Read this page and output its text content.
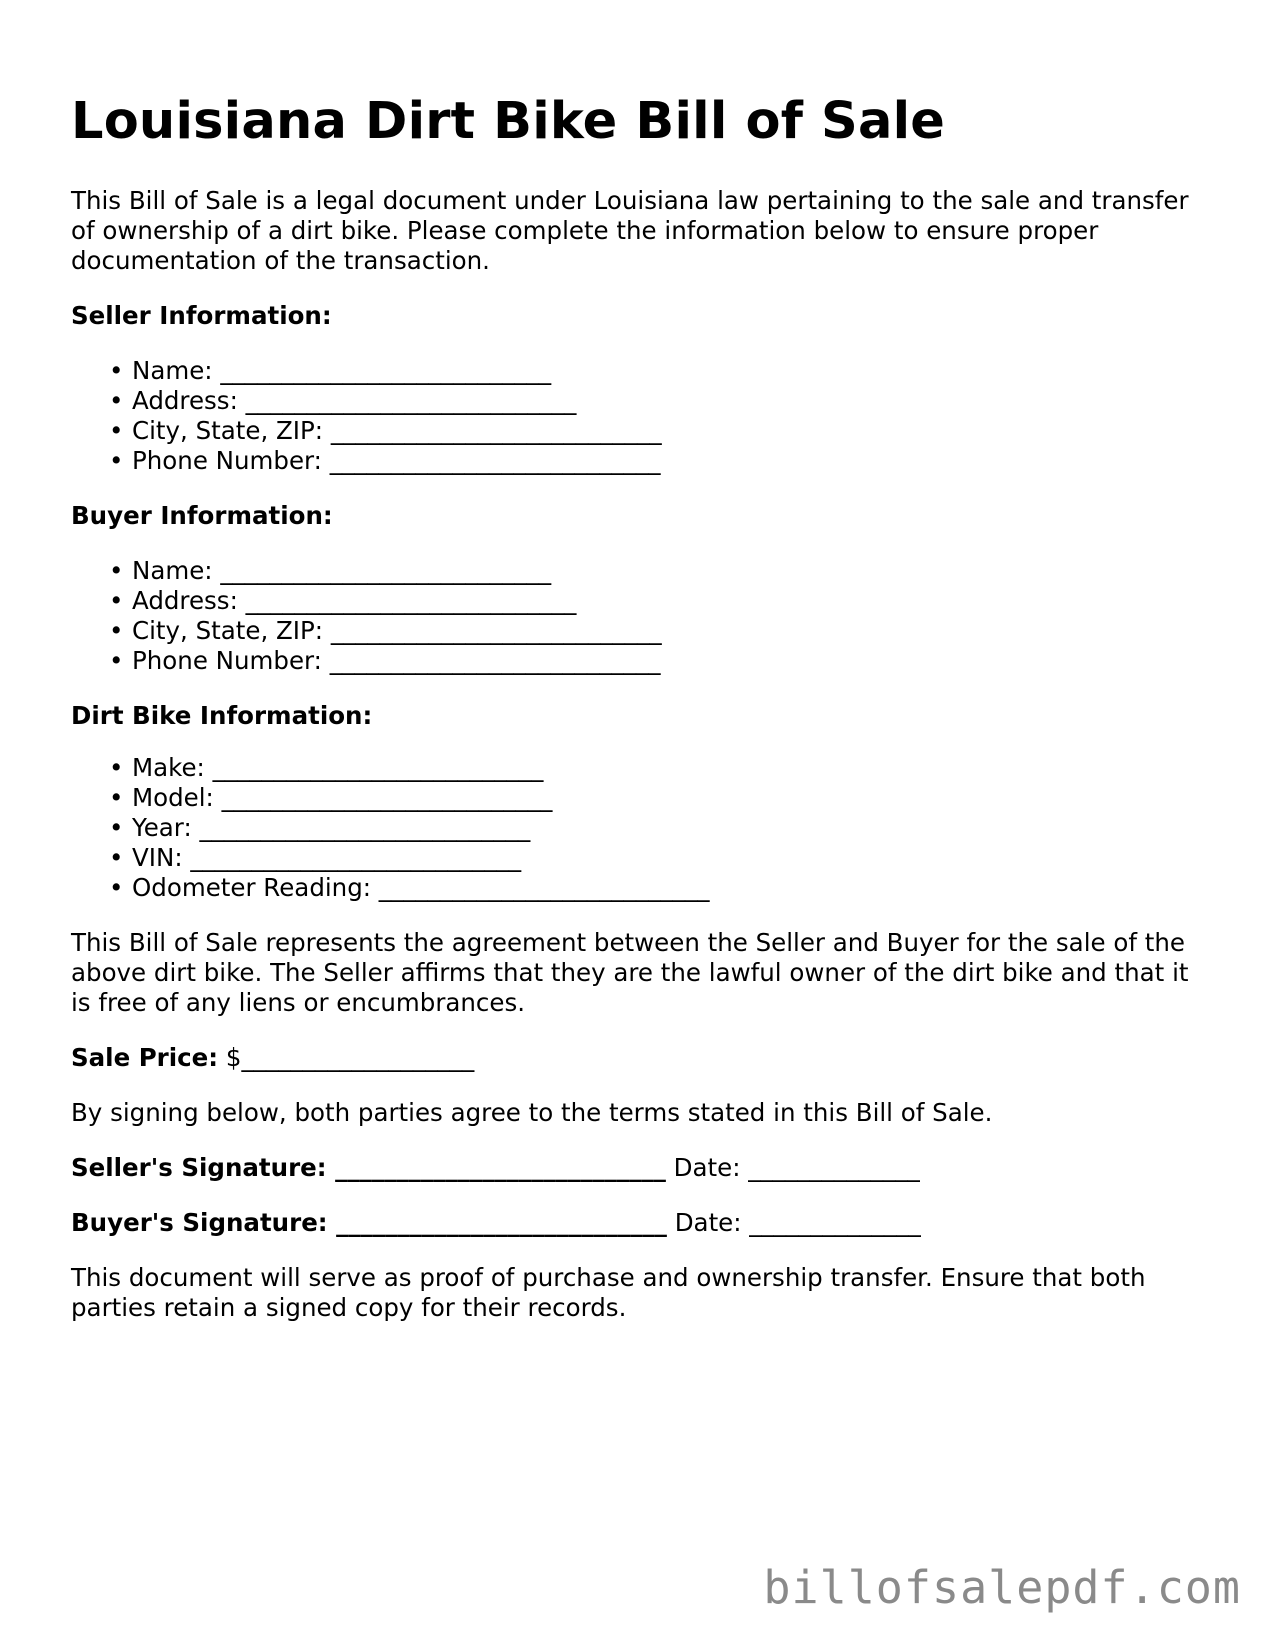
Louisiana Dirt Bike Bill of Sale

This Bill of Sale is a legal document under Louisiana law pertaining to the sale and transfer of ownership of a dirt bike. Please complete the information below to ensure proper documentation of the transaction.

Seller Information:
• Name: ___________________________
• Address: ___________________________
• City, State, ZIP: ___________________________
• Phone Number: ___________________________
Buyer Information:
• Name: ___________________________
• Address: ___________________________
• City, State, ZIP: ___________________________
• Phone Number: ___________________________
Dirt Bike Information:
• Make: ___________________________
• Model: ___________________________
• Year: ___________________________
• VIN: ___________________________
• Odometer Reading: ___________________________

This Bill of Sale represents the agreement between the Seller and Buyer for the sale of the above dirt bike. The Seller affirms that they are the lawful owner of the dirt bike and that it is free of any liens or encumbrances.

Sale Price: $___________________

By signing below, both parties agree to the terms stated in this Bill of Sale.

Seller's Signature: ___________________________ Date: ______________

Buyer's Signature: ___________________________ Date: ______________

This document will serve as proof of purchase and ownership transfer. Ensure that both parties retain a signed copy for their records.

billofsalepdf.com
